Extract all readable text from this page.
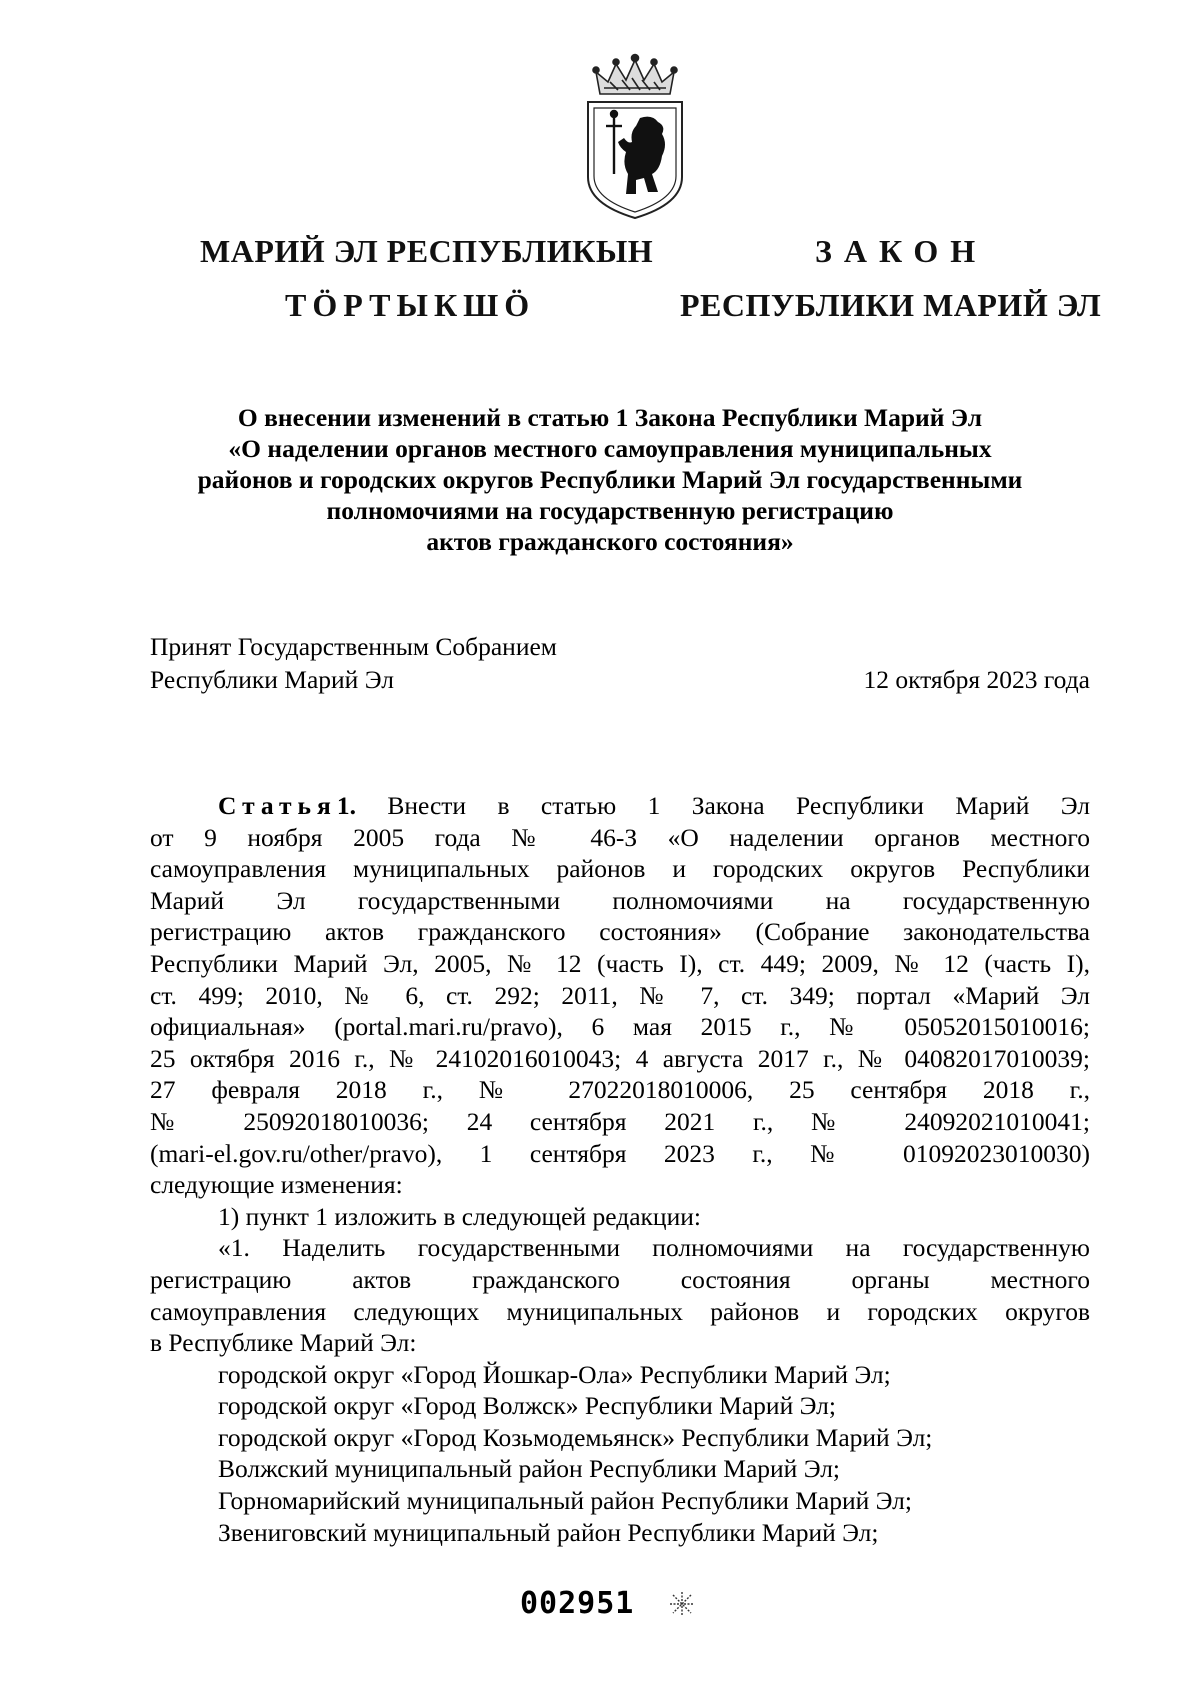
МАРИЙ ЭЛ РЕСПУБЛИКЫН
ТӦРТЫКШӦ
ЗАКОН
РЕСПУБЛИКИ МАРИЙ ЭЛ
О внесении изменений в статью 1 Закона Республики Марий Эл
«О наделении органов местного самоуправления муниципальных
районов и городских округов Республики Марий Эл государственными
полномочиями на государственную регистрацию
актов гражданского состояния»
Принят Государственным Собранием
Республики Марий Эл	12 октября 2023 года
Статья1. Внести в статью 1 Закона Республики Марий Эл
от 9 ноября 2005 года № 46-З «О наделении органов местного
самоуправления муниципальных районов и городских округов Республики
Марий Эл государственными полномочиями на государственную
регистрацию актов гражданского состояния» (Собрание законодательства
Республики Марий Эл, 2005, № 12 (часть I), ст. 449; 2009, № 12 (часть I),
ст. 499; 2010, № 6, ст. 292; 2011, № 7, ст. 349; портал «Марий Эл
официальная» (portal.mari.ru/pravo), 6 мая 2015 г., № 05052015010016;
25 октября 2016 г., № 24102016010043; 4 августа 2017 г., № 04082017010039;
27 февраля 2018 г., № 27022018010006, 25 сентября 2018 г.,
№ 25092018010036; 24 сентября 2021 г., № 24092021010041;
(mari-el.gov.ru/other/pravo), 1 сентября 2023 г., № 01092023010030)
следующие изменения:
1) пункт 1 изложить в следующей редакции:
«1. Наделить государственными полномочиями на государственную
регистрацию актов гражданского состояния органы местного
самоуправления следующих муниципальных районов и городских округов
в Республике Марий Эл:
городской округ «Город Йошкар-Ола» Республики Марий Эл;
городской округ «Город Волжск» Республики Марий Эл;
городской округ «Город Козьмодемьянск» Республики Марий Эл;
Волжский муниципальный район Республики Марий Эл;
Горномарийский муниципальный район Республики Марий Эл;
Звениговский муниципальный район Республики Марий Эл;
002951
